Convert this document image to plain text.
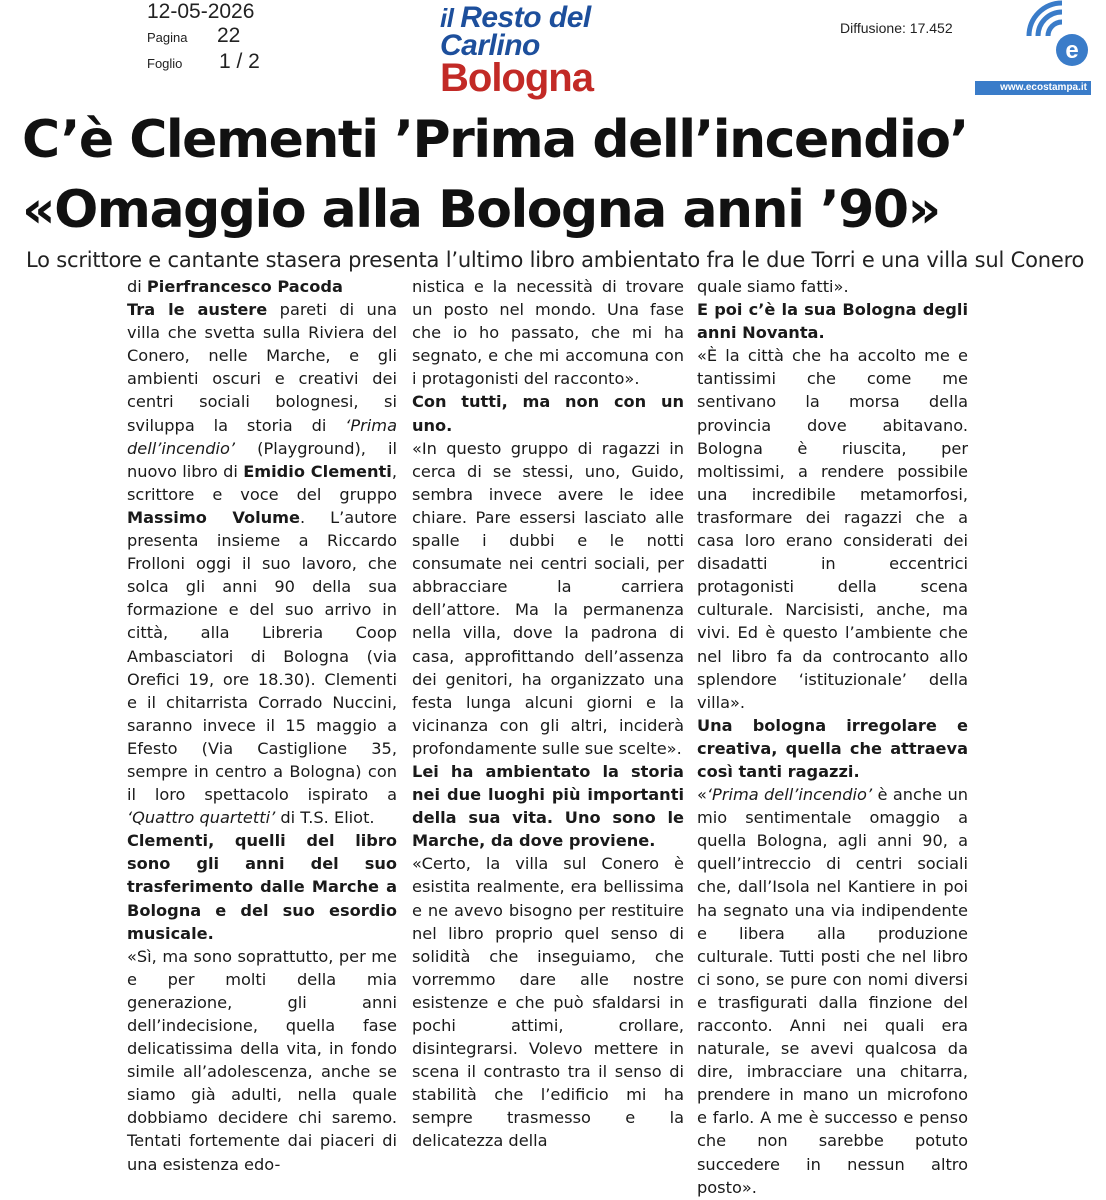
12-05-2026
Pagina 22
Foglio 1 / 2
il Resto del Carlino
Bologna
Diffusione: 17.452
e
www.ecostampa.it
C’è Clementi ’Prima dell’incendio’
«Omaggio alla Bologna anni ’90»
Lo scrittore e cantante stasera presenta l’ultimo libro ambientato fra le due Torri e una villa sul Conero

di Pierfrancesco Pacoda

Tra le austere pareti di una villa che svetta sulla Riviera del Conero, nelle Marche, e gli ambienti oscuri e creativi dei centri sociali bolognesi, si sviluppa la storia di ‘Prima dell’incendio’ (Playground), il nuovo libro di Emidio Clementi, scrittore e voce del gruppo Massimo Volume. L’autore presenta insieme a Riccardo Frolloni oggi il suo lavoro, che solca gli anni 90 della sua formazione e del suo arrivo in città, alla Libreria Coop Ambasciatori di Bologna (via Orefici 19, ore 18.30). Clementi e il chitarrista Corrado Nuccini, saranno invece il 15 maggio a Efesto (Via Castiglione 35, sempre in centro a Bologna) con il loro spettacolo ispirato a ‘Quattro quartetti’ di T.S. Eliot.

Clementi, quelli del libro sono gli anni del suo trasferimento dalle Marche a Bologna e del suo esordio musicale.

«Sì, ma sono soprattutto, per me e per molti della mia generazione, gli anni dell’indecisione, quella fase delicatissima della vita, in fondo simile all’adolescenza, anche se siamo già adulti, nella quale dobbiamo decidere chi saremo. Tentati fortemente dai piaceri di una esistenza edo-

nistica e la necessità di trovare un posto nel mondo. Una fase che io ho passato, che mi ha segnato, e che mi accomuna con i protagonisti del racconto».

Con tutti, ma non con un uno.

«In questo gruppo di ragazzi in cerca di se stessi, uno, Guido, sembra invece avere le idee chiare. Pare essersi lasciato alle spalle i dubbi e le notti consumate nei centri sociali, per abbracciare la carriera dell’attore. Ma la permanenza nella villa, dove la padrona di casa, approfittando dell’assenza dei genitori, ha organizzato una festa lunga alcuni giorni e la vicinanza con gli altri, inciderà profondamente sulle sue scelte».

Lei ha ambientato la storia nei due luoghi più importanti della sua vita. Uno sono le Marche, da dove proviene.

«Certo, la villa sul Conero è esistita realmente, era bellissima e ne avevo bisogno per restituire nel libro proprio quel senso di solidità che inseguiamo, che vorremmo dare alle nostre esistenze e che può sfaldarsi in pochi attimi, crollare, disintegrarsi. Volevo mettere in scena il contrasto tra il senso di stabilità che l’edificio mi ha sempre trasmesso e la delicatezza della

quale siamo fatti».

E poi c’è la sua Bologna degli anni Novanta.

«È la città che ha accolto me e tantissimi che come me sentivano la morsa della provincia dove abitavano. Bologna è riuscita, per moltissimi, a rendere possibile una incredibile metamorfosi, trasformare dei ragazzi che a casa loro erano considerati dei disadatti in eccentrici protagonisti della scena culturale. Narcisisti, anche, ma vivi. Ed è questo l’ambiente che nel libro fa da controcanto allo splendore ‘istituzionale’ della villa».

Una bologna irregolare e creativa, quella che attraeva così tanti ragazzi.

«‘Prima dell’incendio’ è anche un mio sentimentale omaggio a quella Bologna, agli anni 90, a quell’intreccio di centri sociali che, dall’Isola nel Kantiere in poi ha segnato una via indipendente e libera alla produzione culturale. Tutti posti che nel libro ci sono, se pure con nomi diversi e trasfigurati dalla finzione del racconto. Anni nei quali era naturale, se avevi qualcosa da dire, imbracciare una chitarra, prendere in mano un microfono e farlo. A me è successo e penso che non sarebbe potuto succedere in nessun altro posto».
